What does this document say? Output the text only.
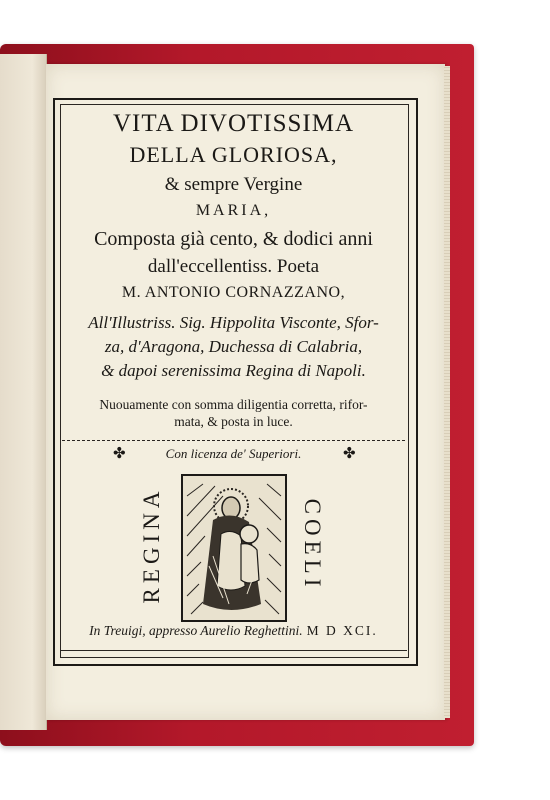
VITA DIVOTISSIMA

DELLA GLORIOSA,

& sempre Vergine

MARIA,

Composta già cento, & dodici anni

dall'eccellentiss. Poeta

M. ANTONIO CORNAZZANO,

All'Illustriss. Sig. Hippolita Visconte, Sfor-

za, d'Aragona, Duchessa di Calabria,

& dapoi serenissima Regina di Napoli.

Nuouamente con somma diligentia corretta, rifor-

mata, & posta in luce.

✤	Con licenza de' Superiori.	✤
REGINA	COELI

In Treuigi, appresso Aurelio Reghettini. M D XCI.
